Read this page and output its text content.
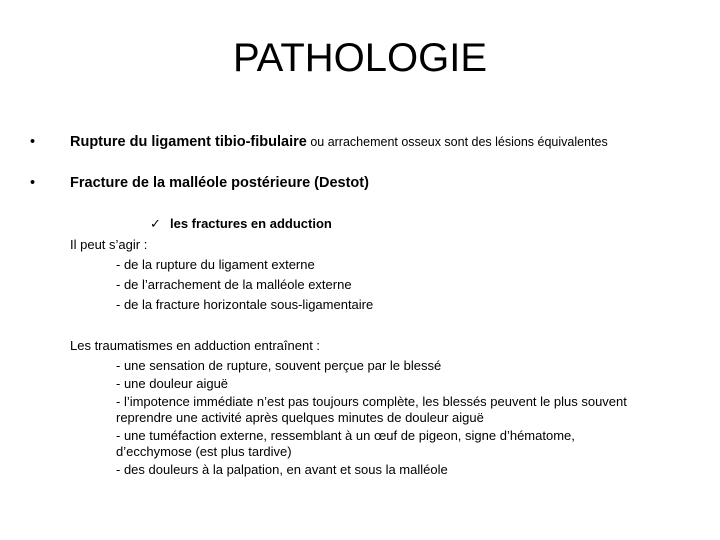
PATHOLOGIE
• Rupture du ligament tibio-fibulaire ou arrachement osseux sont des lésions équivalentes
• Fracture de la malléole postérieure (Destot)
✓ les fractures en adduction
Il peut s’agir :
- de la rupture du ligament externe
- de l’arrachement de la malléole externe
- de la fracture horizontale sous-ligamentaire
Les traumatismes en adduction entraînent :
- une sensation de rupture, souvent perçue par le blessé
- une douleur aiguë
- l’impotence immédiate n’est pas toujours complète, les blessés peuvent le plus souvent
reprendre une activité après quelques minutes de douleur aiguë
- une tuméfaction externe, ressemblant à un œuf de pigeon, signe d’hématome,
d’ecchymose (est plus tardive)
- des douleurs à la palpation, en avant et sous la malléole
